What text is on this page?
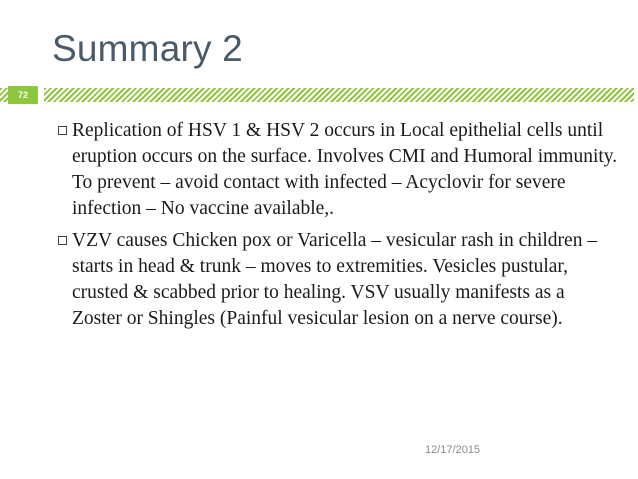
Summary 2
72
Replication of HSV 1 & HSV 2 occurs in Local epithelial cells until eruption occurs on the surface. Involves CMI and Humoral immunity. To prevent – avoid contact with infected – Acyclovir for severe infection – No vaccine available,.
VZV causes Chicken pox or Varicella – vesicular rash in children – starts in head & trunk – moves to extremities. Vesicles pustular, crusted & scabbed prior to healing. VSV usually manifests as a Zoster or Shingles (Painful vesicular lesion on a nerve course).
12/17/2015
